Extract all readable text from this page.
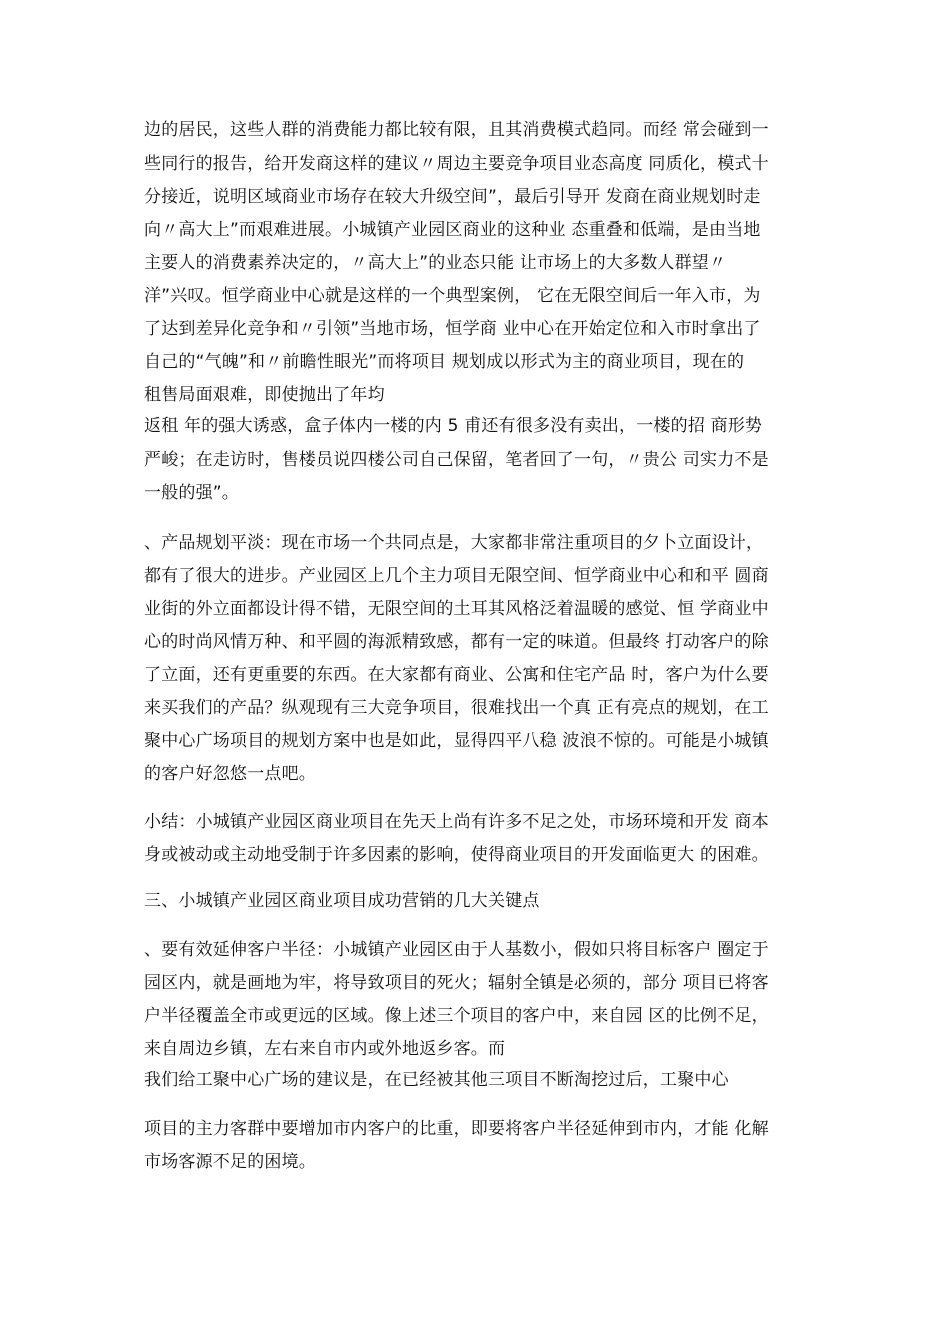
边的居民，这些人群的消费能力都比较有限，且其消费模式趋同。而经 常会碰到一

些同行的报告，给开发商这样的建议〃周边主要竞争项目业态高度 同质化，模式十

分接近，说明区域商业市场存在较大升级空间”，最后引导开 发商在商业规划时走

向〃高大上”而艰难进展。小城镇产业园区商业的这种业 态重叠和低端，是由当地

主要人的消费素养决定的，〃高大上”的业态只能 让市场上的大多数人群望〃

洋”兴叹。恒学商业中心就是这样的一个典型案例， 它在无限空间后一年入市，为

了达到差异化竞争和〃引领”当地市场，恒学商 业中心在开始定位和入市时拿出了

自己的“气魄”和〃前瞻性眼光”而将项目 规划成以形式为主的商业项目，现在的

租售局面艰难，即使抛出了年均

返租 年的强大诱惑，盒子体内一楼的内 5 甫还有很多没有卖出，一楼的招 商形势

严峻；在走访时，售楼员说四楼公司自己保留，笔者回了一句，〃贵公 司实力不是

一般的强”。

、产品规划平淡：现在市场一个共同点是，大家都非常注重项目的夕卜立面设计，

都有了很大的进步。产业园区上几个主力项目无限空间、恒学商业中心和和平 圆商

业街的外立面都设计得不错，无限空间的土耳其风格泛着温暖的感觉、恒 学商业中

心的时尚风情万种、和平圆的海派精致感，都有一定的味道。但最终 打动客户的除

了立面，还有更重要的东西。在大家都有商业、公寓和住宅产品 时，客户为什么要

来买我们的产品？纵观现有三大竞争项目，很难找出一个真 正有亮点的规划，在工

聚中心广场项目的规划方案中也是如此，显得四平八稳 波浪不惊的。可能是小城镇

的客户好忽悠一点吧。

小结：小城镇产业园区商业项目在先天上尚有许多不足之处，市场环境和开发 商本

身或被动或主动地受制于许多因素的影响，使得商业项目的开发面临更大 的困难。

三、小城镇产业园区商业项目成功营销的几大关键点

、要有效延伸客户半径：小城镇产业园区由于人基数小，假如只将目标客户 圈定于

园区内，就是画地为牢，将导致项目的死火；辐射全镇是必须的，部分 项目已将客

户半径覆盖全市或更远的区域。像上述三个项目的客户中，来自园 区的比例不足，

来自周边乡镇，左右来自市内或外地返乡客。而

我们给工聚中心广场的建议是，在已经被其他三项目不断淘挖过后，工聚中心

项目的主力客群中要增加市内客户的比重，即要将客户半径延伸到市内，才能 化解

市场客源不足的困境。
